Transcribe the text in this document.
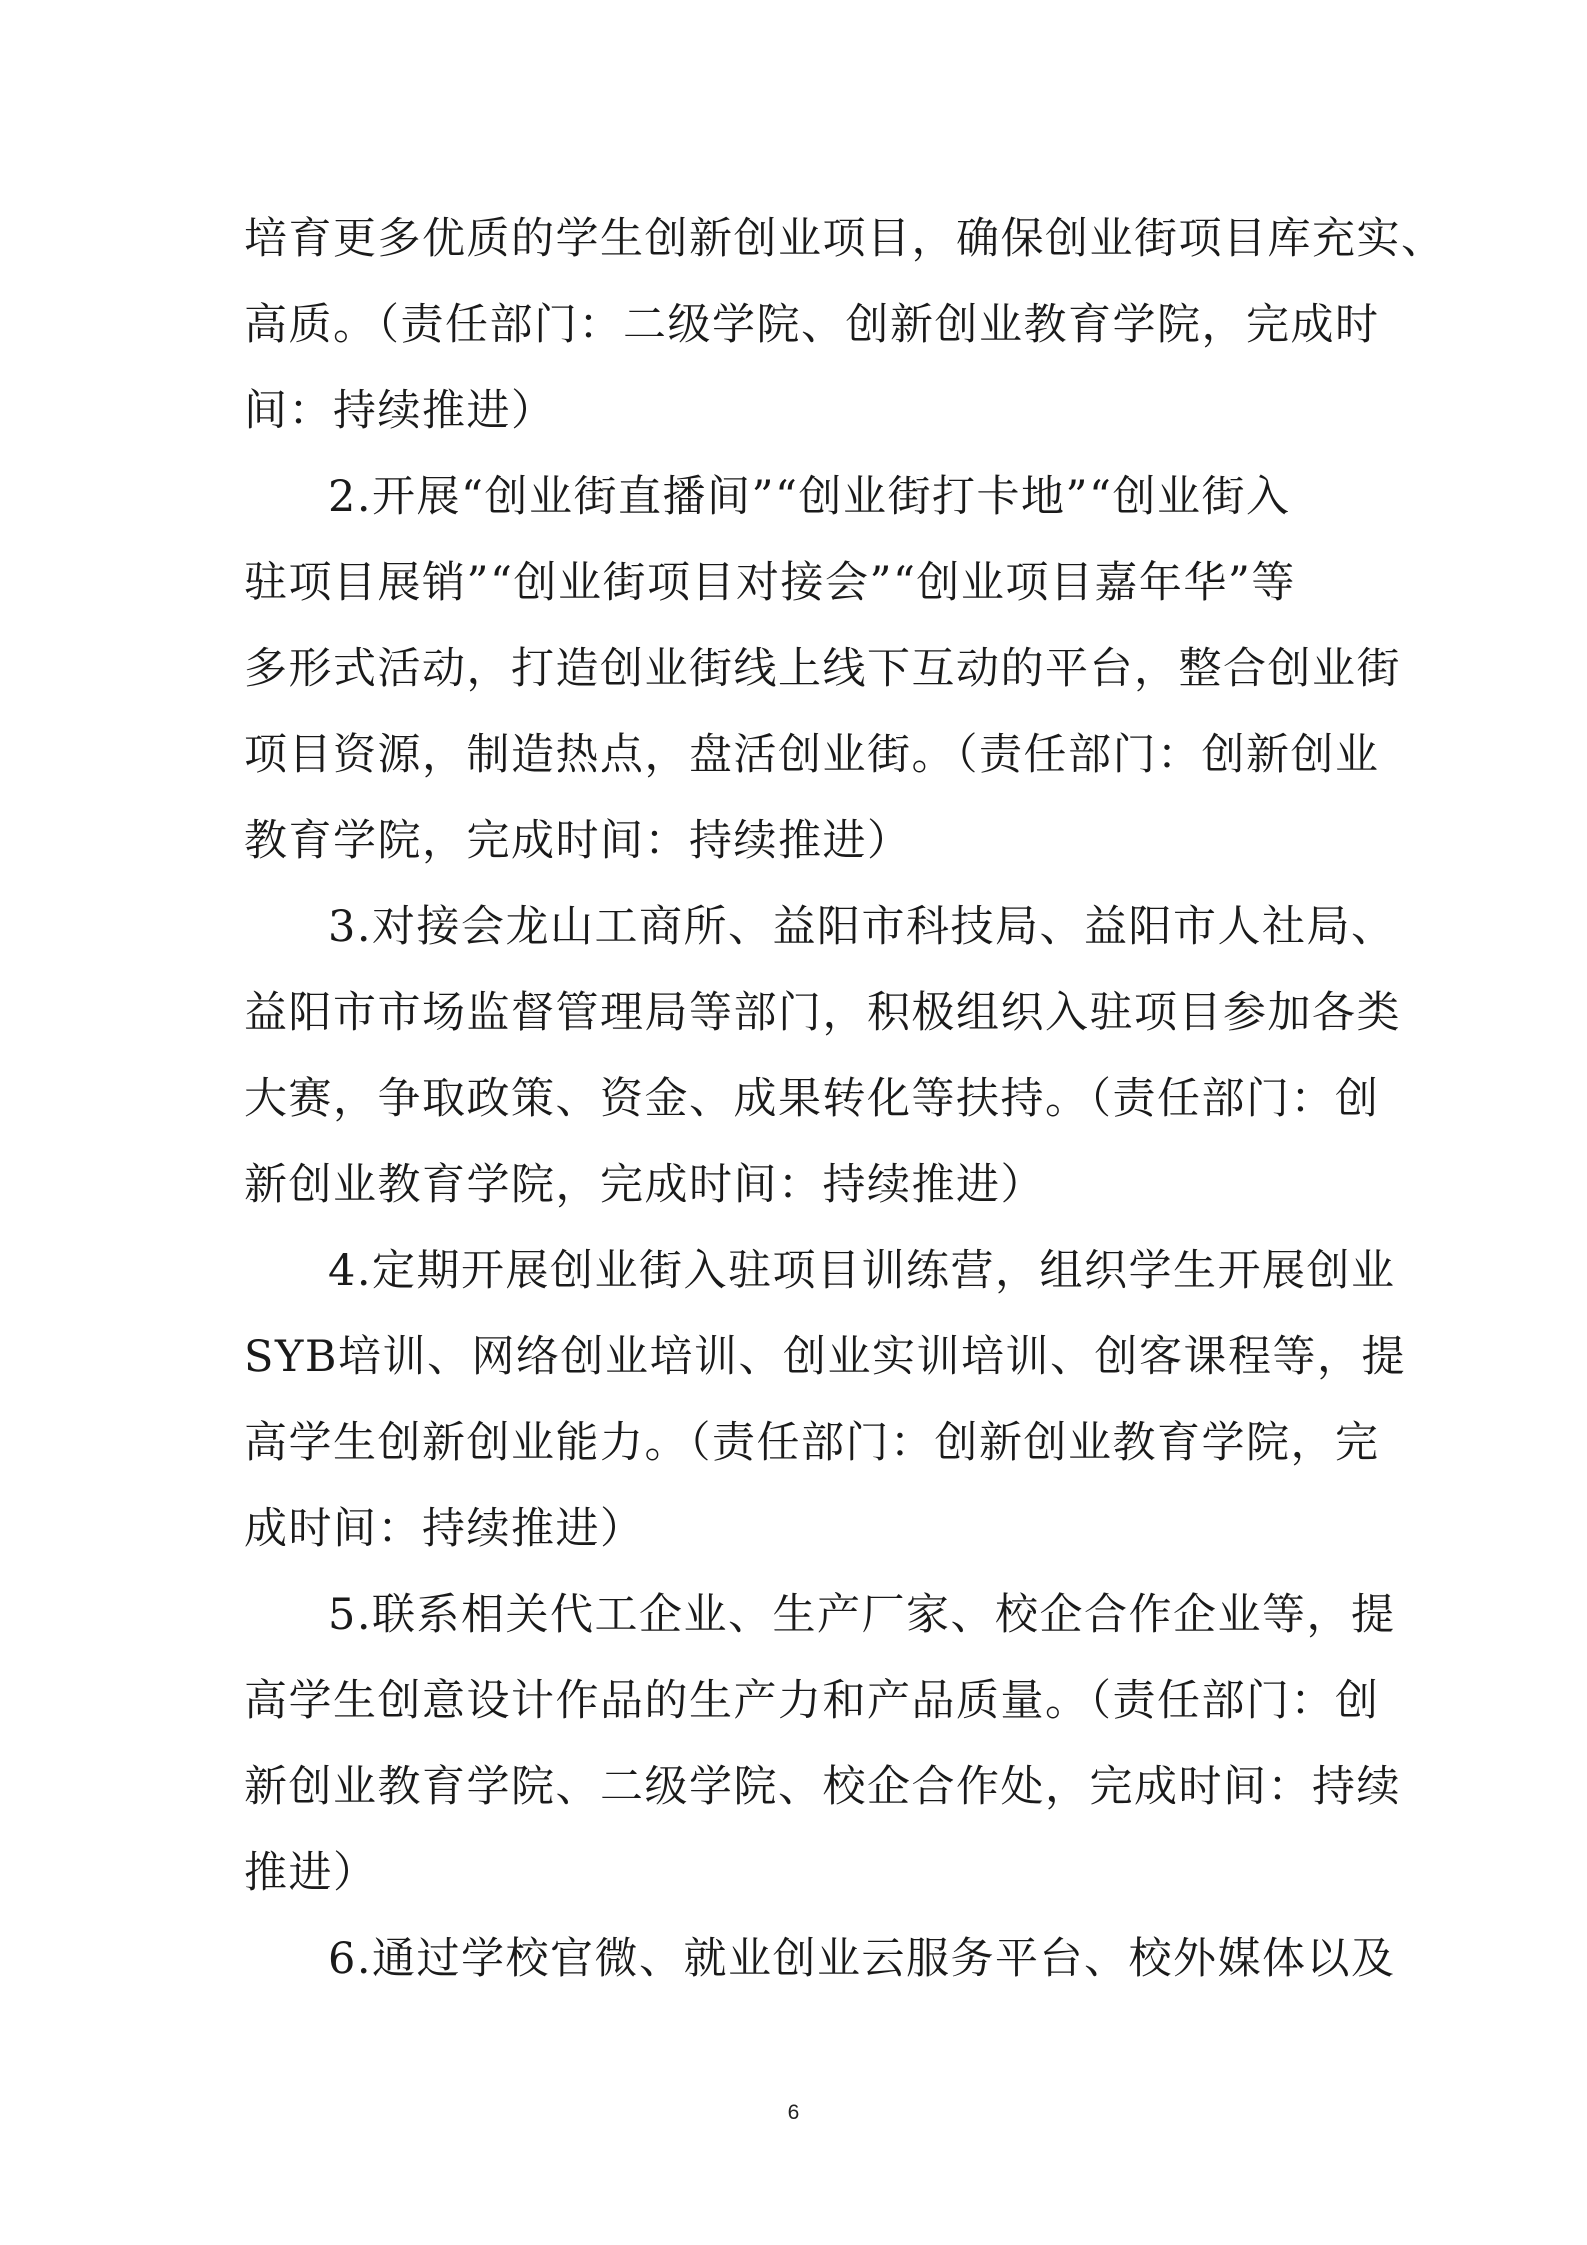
培育更多优质的学生创新创业项目，确保创业街项目库充实、
高质。（责任部门：二级学院、创新创业教育学院，完成时
间：持续推进）
2.开展“创业街直播间”“创业街打卡地”“创业街入
驻项目展销”“创业街项目对接会”“创业项目嘉年华”等
多形式活动，打造创业街线上线下互动的平台，整合创业街
项目资源，制造热点，盘活创业街。（责任部门：创新创业
教育学院，完成时间：持续推进）
3.对接会龙山工商所、益阳市科技局、益阳市人社局、
益阳市市场监督管理局等部门，积极组织入驻项目参加各类
大赛，争取政策、资金、成果转化等扶持。（责任部门：创
新创业教育学院，完成时间：持续推进）
4.定期开展创业街入驻项目训练营，组织学生开展创业
SYB培训、网络创业培训、创业实训培训、创客课程等，提
高学生创新创业能力。（责任部门：创新创业教育学院，完
成时间：持续推进）
5.联系相关代工企业、生产厂家、校企合作企业等，提
高学生创意设计作品的生产力和产品质量。（责任部门：创
新创业教育学院、二级学院、校企合作处，完成时间：持续
推进）
6.通过学校官微、就业创业云服务平台、校外媒体以及
6
